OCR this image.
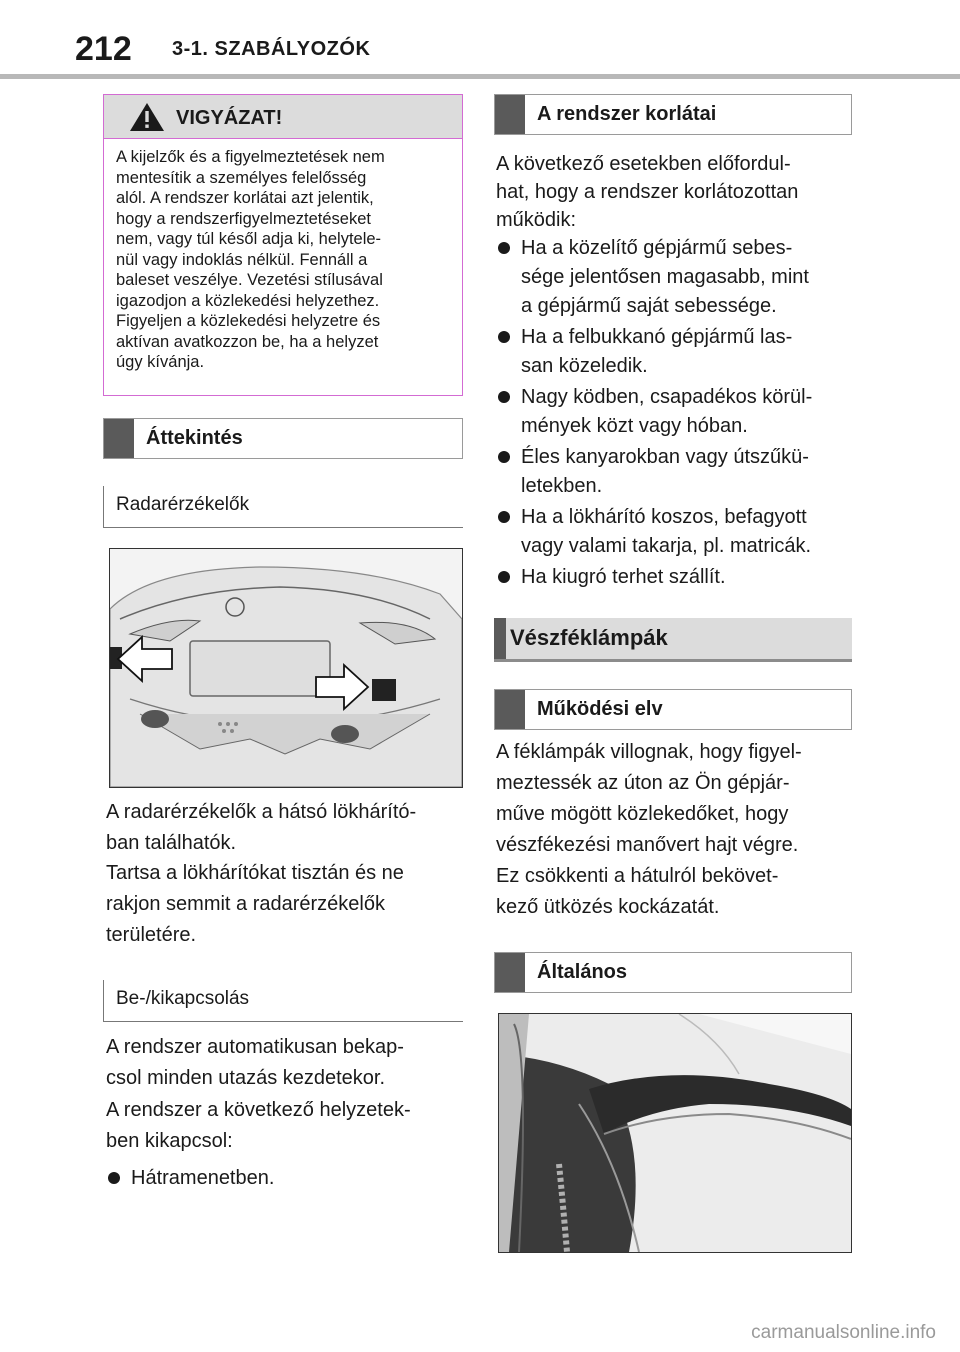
212 3-1. SZABÁLYOZÓK
VIGYÁZAT!
A kijelzők és a figyelmeztetések nem
mentesítik a személyes felelősség
alól. A rendszer korlátai azt jelentik,
hogy a rendszerfigyelmeztetéseket
nem, vagy túl késől adja ki, helytele-
nül vagy indoklás nélkül. Fennáll a
baleset veszélye. Vezetési stílusával
igazodjon a közlekedési helyzethez.
Figyeljen a közlekedési helyzetre és
aktívan avatkozzon be, ha a helyzet
úgy kívánja.
Áttekintés
Radarérzékelők
A radarérzékelők a hátsó lökhárító-
ban találhatók.
Tartsa a lökhárítókat tisztán és ne
rakjon semmit a radarérzékelők
területére.
Be-/kikapcsolás
A rendszer automatikusan bekap-
csol minden utazás kezdetekor.
A rendszer a következő helyzetek-
ben kikapcsol:
Hátramenetben.
A rendszer korlátai
A következő esetekben előfordul-
hat, hogy a rendszer korlátozottan
működik:
Ha a közelítő gépjármű sebes-
sége jelentősen magasabb, mint
a gépjármű saját sebessége.
Ha a felbukkanó gépjármű las-
san közeledik.
Nagy ködben, csapadékos körül-
mények közt vagy hóban.
Éles kanyarokban vagy útszűkü-
letekben.
Ha a lökhárító koszos, befagyott
vagy valami takarja, pl. matricák.
Ha kiugró terhet szállít.
Vészféklámpák
Működési elv
A féklámpák villognak, hogy figyel-
meztessék az úton az Ön gépjár-
műve mögött közlekedőket, hogy
vészfékezési manővert hajt végre.
Ez csökkenti a hátulról bekövet-
kező ütközés kockázatát.
Általános
carmanualsonline.info
